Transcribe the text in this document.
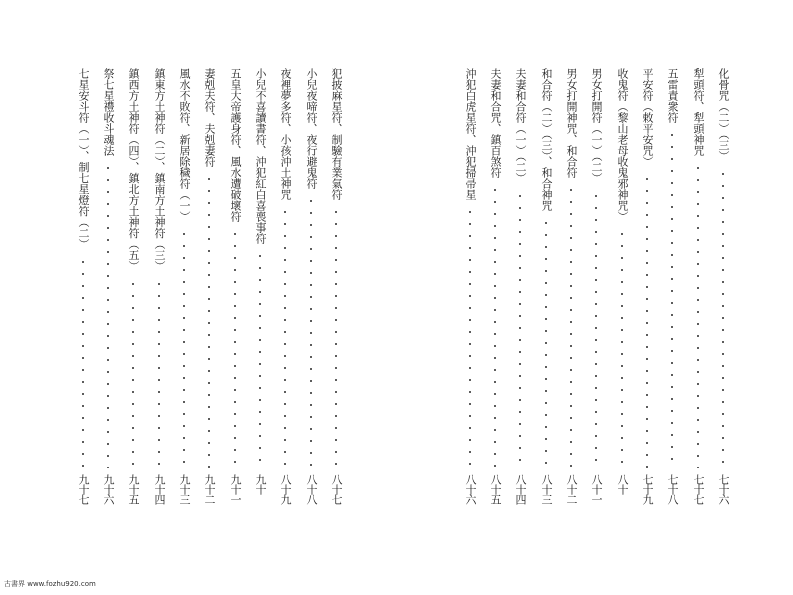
犯披麻星符、制驗有業氣符
八十七
小兒夜啼符、夜行避鬼符
八十八
夜裡夢多符、小孩沖土神咒
八十九
小兒不喜讀書符、沖犯紅白喜喪事符
九十
五皇大帝護身符、風水遭破壞符
九十一
妻剋夫符、夫剋妻符
九十二
風水不敗符、新居除穢符（一）
九十三
鎮東方土神符（二）、鎮南方土神符（三）
九十四
鎮西方土神符（四）、鎮北方土神符（五）
九十五
祭七星禮收斗魂法
九十六
七星安斗符（一）、制七星燈符（二）
九十七
化骨咒（二）（三）
七十六
犁頭符、犁頭神咒
七十七
五雷責衆符
七十八
平安符（敕平安咒）
七十九
收鬼符（黎山老母收鬼邪神咒）
八十
男女打開符（一）（二）
八十一
男女打開神咒、和合符
八十二
和合符（二）（三）、和合神咒
八十三
夫妻和合符（一）（二）
八十四
夫妻和合咒、鎮百煞符
八十五
沖犯白虎星符、沖犯掃帚星
八十六
古書界 www.fozhu920.com
